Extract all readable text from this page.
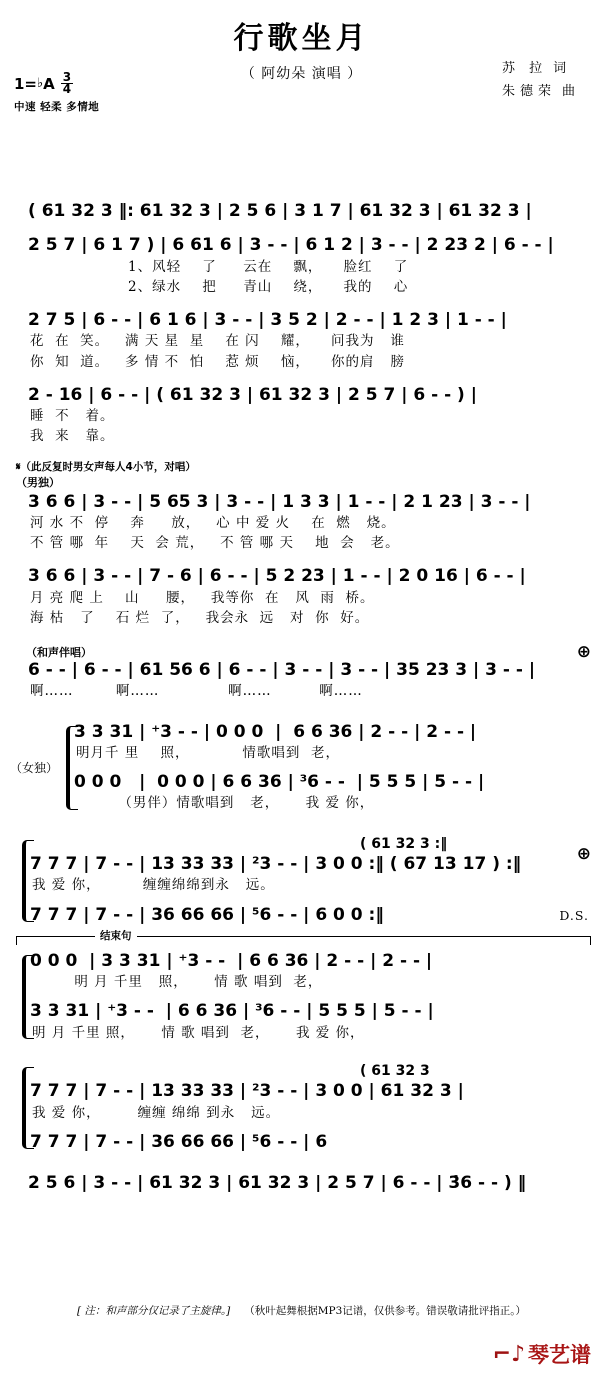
行歌坐月
（ 阿幼朵 演唱 ）	苏 拉 词
朱德荣 曲
1= ♭ A $\frac{3}{4}$
中速 轻柔 多情地
( 61 32 3 ‖: 61 32 3 | 2 5 6 | 3 1 7 | 61 32 3 | 61 32 3 |
2 5 7 | 6 1 7 ) | 6 61 6 | 3 - - | 6 1 2 | 3 - - | 2 23 2 | 6 - - |
1、风轻    了     云在    飘，    脸红    了
2、绿水    把     青山    绕，    我的    心
2 7 5 | 6 - - | 6 1 6 | 3 - - | 3 5 2 | 2 - - | 1 2 3 | 1 - - |
花  在  笑。   满 天 星  星    在 闪    耀，    问我为   谁
你  知  道。   多 情 不  怕    惹 烦    恼，    你的肩   膀
2 - 16 | 6 - - | ( 61 32 3 | 61 32 3 | 2 5 7 | 6 - - ) |
睡  不   着。
我  来   靠。
𝄋（此反复时男女声每人4小节，对唱）
（男独）
3 6 6 | 3 - - | 5 65 3 | 3 - - | 1 3 3 | 1 - - | 2 1 23 | 3 - - |
河 水 不  停    奔     放，   心 中 爱 火    在  燃   烧。
不 管 哪  年    天  会 荒，   不 管 哪 天    地  会   老。
3 6 6 | 3 - - | 7 - 6 | 6 - - | 5 2 23 | 1 - - | 2 0 16 | 6 - - |
月 亮 爬 上    山     腰，   我等你  在   风  雨  桥。
海 枯   了    石 烂  了，   我会永  远   对  你  好。
（和声伴唱）	⊕
6 - - | 6 - - | 61 56 6 | 6 - - | 3 - - | 3 - - | 35 23 3 | 3 - - |
啊……        啊……             啊……         啊……
（女独）
3 3 31 | ⁺3 - - | 0 0 0  |  6 6 36 | 2 - - | 2 - - |
明月千 里    照，          情歌唱到  老，
0 0 0   |  0 0 0 | 6 6 36 | ³6 - -  | 5 5 5 | 5 - - |
（男伴）情歌唱到   老，     我 爱 你，
( 61 32 3 :‖	⊕
7 7 7 | 7 - - | 13 33 33 | ²3 - - | 3 0 0 :‖ ( 67 13 17 ) :‖
我 爱 你，        缠缠绵绵到永   远。
D.S.
7 7 7 | 7 - - | 36 66 66 | ⁵6 - - | 6 0 0 :‖
结束句
0 0 0  | 3 3 31 | ⁺3 - -  | 6 6 36 | 2 - - | 2 - - |
明 月 千里   照，     情 歌 唱到  老，
3 3 31 | ⁺3 - -  | 6 6 36 | ³6 - - | 5 5 5 | 5 - - |
明 月 千里 照，     情 歌 唱到  老，     我 爱 你，
( 61 32 3
7 7 7 | 7 - - | 13 33 33 | ²3 - - | 3 0 0 | 61 32 3 |
我 爱 你，       缠缠 绵绵 到永   远。
7 7 7 | 7 - - | 36 66 66 | ⁵6 - - | 6
2 5 6 | 3 - - | 61 32 3 | 61 32 3 | 2 5 7 | 6 - - | 3̇6 - - ) ‖
[ 注：和声部分仅记录了主旋律。] （秋叶起舞根据MP3记谱，仅供参考。错误敬请批评指正。）
⌐♪ 琴艺谱
